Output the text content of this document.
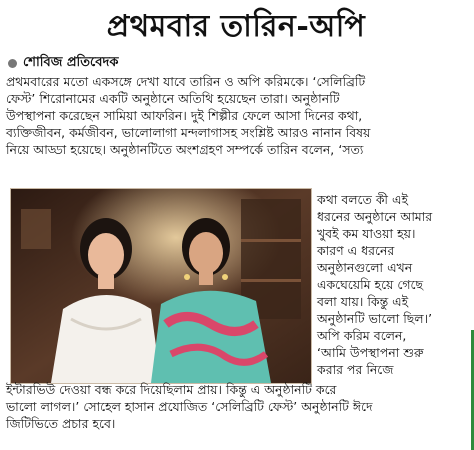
প্রথমবার তারিন-অপি
শোবিজ প্রতিবেদক
প্রথমবারের মতো একসঙ্গে দেখা যাবে তারিন ও অপি করিমকে। ‘সেলিব্রিটি
ফেস্ট’ শিরোনামের একটি অনুষ্ঠানে অতিথি হয়েছেন তারা। অনুষ্ঠানটি
উপস্থাপনা করেছেন সামিয়া আফরিন। দুই শিল্পীর ফেলে আসা দিনের কথা,
ব্যক্তিজীবন, কর্মজীবন, ভালোলাগা মন্দলাগাসহ সংশ্লিষ্ট আরও নানান বিষয়
নিয়ে আড্ডা হয়েছে। অনুষ্ঠানটিতে অংশগ্রহণ সম্পর্কে তারিন বলেন, ‘সত্য
কথা বলতে কী এই
ধরনের অনুষ্ঠানে আমার
খুবই কম যাওয়া হয়।
কারণ এ ধরনের
অনুষ্ঠানগুলো এখন
একঘেয়েমি হয়ে গেছে
বলা যায়। কিন্তু এই
অনুষ্ঠানটি ভালো ছিল।’
অপি করিম বলেন,
‘আমি উপস্থাপনা শুরু
করার পর নিজে
ইন্টারভিউ দেওয়া বন্ধ করে দিয়েছিলাম প্রায়। কিন্তু এ অনুষ্ঠানটি করে
ভালো লাগল।’ সোহেল হাসান প্রযোজিত ‘সেলিব্রিটি ফেস্ট’ অনুষ্ঠানটি ঈদে
জিটিভিতে প্রচার হবে।
